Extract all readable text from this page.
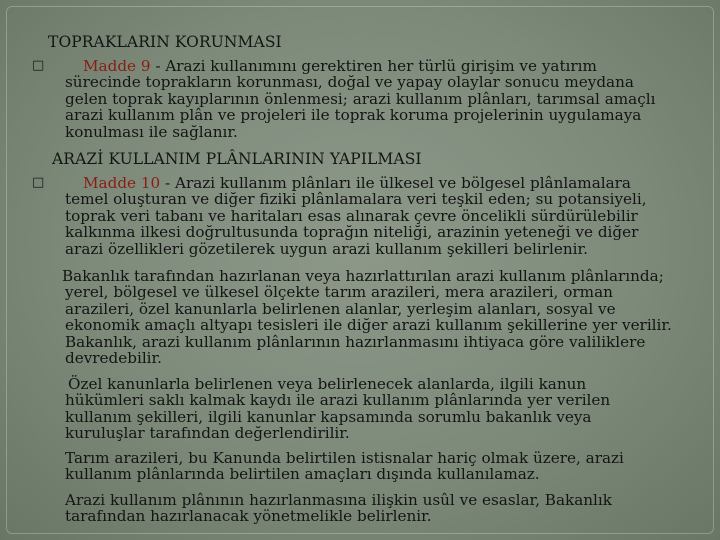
TOPRAKLARIN KORUNMASI
□	Madde 9 - Arazi kullanımını gerektiren her türlü girişim ve yatırım
sürecinde toprakların korunması, doğal ve yapay olaylar sonucu meydana
gelen toprak kayıplarının önlenmesi; arazi kullanım plânları, tarımsal amaçlı
arazi kullanım plân ve projeleri ile toprak koruma projelerinin uygulamaya
konulması ile sağlanır.
ARAZİ KULLANIM PLÂNLARININ YAPILMASI
□	Madde 10 - Arazi kullanım plânları ile ülkesel ve bölgesel plânlamalara
temel oluşturan ve diğer fiziki plânlamalara veri teşkil eden; su potansiyeli,
toprak veri tabanı ve haritaları esas alınarak çevre öncelikli sürdürülebilir
kalkınma ilkesi doğrultusunda toprağın niteliği, arazinin yeteneği ve diğer
arazi özellikleri gözetilerek uygun arazi kullanım şekilleri belirlenir.
Bakanlık tarafından hazırlanan veya hazırlattırılan arazi kullanım plânlarında;
yerel, bölgesel ve ülkesel ölçekte tarım arazileri, mera arazileri, orman
arazileri, özel kanunlarla belirlenen alanlar, yerleşim alanları, sosyal ve
ekonomik amaçlı altyapı tesisleri ile diğer arazi kullanım şekillerine yer verilir.
Bakanlık, arazi kullanım plânlarının hazırlanmasını ihtiyaca göre valiliklere
devredebilir.
Özel kanunlarla belirlenen veya belirlenecek alanlarda, ilgili kanun
hükümleri saklı kalmak kaydı ile arazi kullanım plânlarında yer verilen
kullanım şekilleri, ilgili kanunlar kapsamında sorumlu bakanlık veya
kuruluşlar tarafından değerlendirilir.
Tarım arazileri, bu Kanunda belirtilen istisnalar hariç olmak üzere, arazi
kullanım plânlarında belirtilen amaçları dışında kullanılamaz.
Arazi kullanım plânının hazırlanmasına ilişkin usûl ve esaslar, Bakanlık
tarafından hazırlanacak yönetmelikle belirlenir.
